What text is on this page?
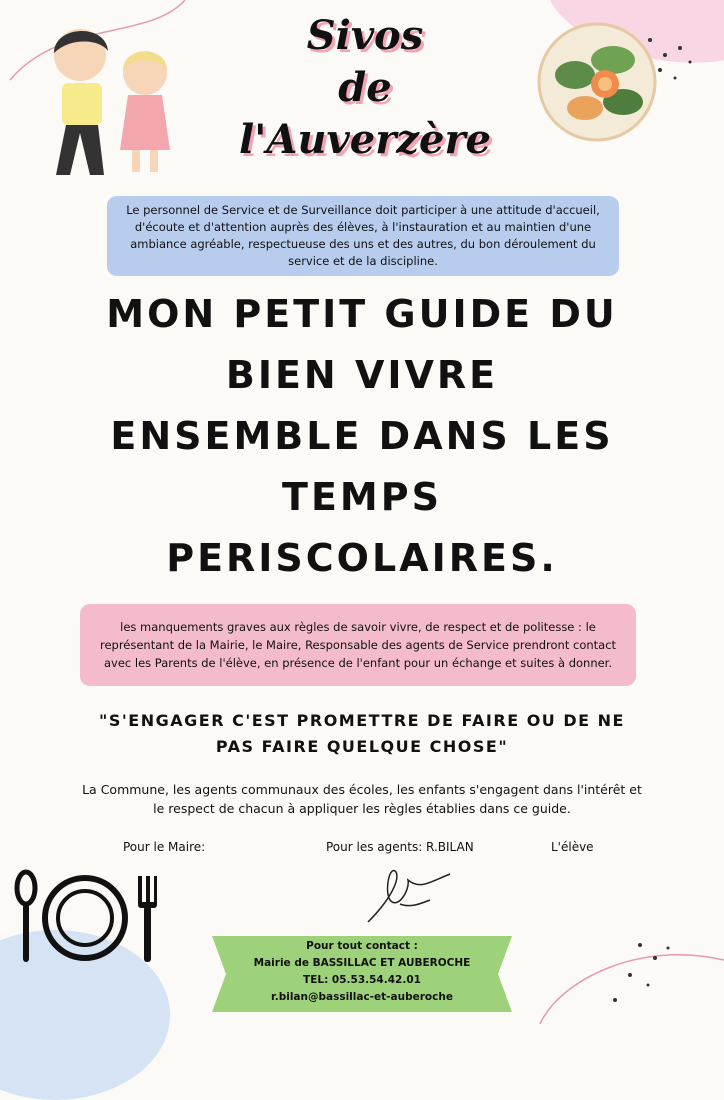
Sivos
de
l'Auverzère
Le personnel de Service et de Surveillance doit participer à une attitude d'accueil, d'écoute et d'attention auprès des élèves, à l'instauration et au maintien d'une ambiance agréable, respectueuse des uns et des autres, du bon déroulement du service et de la discipline.
MON PETIT GUIDE DU
BIEN VIVRE
ENSEMBLE DANS LES
TEMPS
PERISCOLAIRES.
les manquements graves aux règles de savoir vivre, de respect et de politesse : le représentant de la Mairie, le Maire, Responsable des agents de Service prendront contact avec les Parents de l'élève, en présence de l'enfant pour un échange et suites à donner.
"S'ENGAGER C'EST PROMETTRE DE FAIRE OU DE NE
PAS FAIRE QUELQUE CHOSE"
La Commune, les agents communaux des écoles, les enfants s'engagent dans l'intérêt et
le respect de chacun à appliquer les règles établies dans ce guide.
Pour le Maire:	Pour les agents: R.BILAN	L'élève
Pour tout contact :
Mairie de BASSILLAC ET AUBEROCHE
TEL: 05.53.54.42.01
r.bilan@bassillac-et-auberoche
